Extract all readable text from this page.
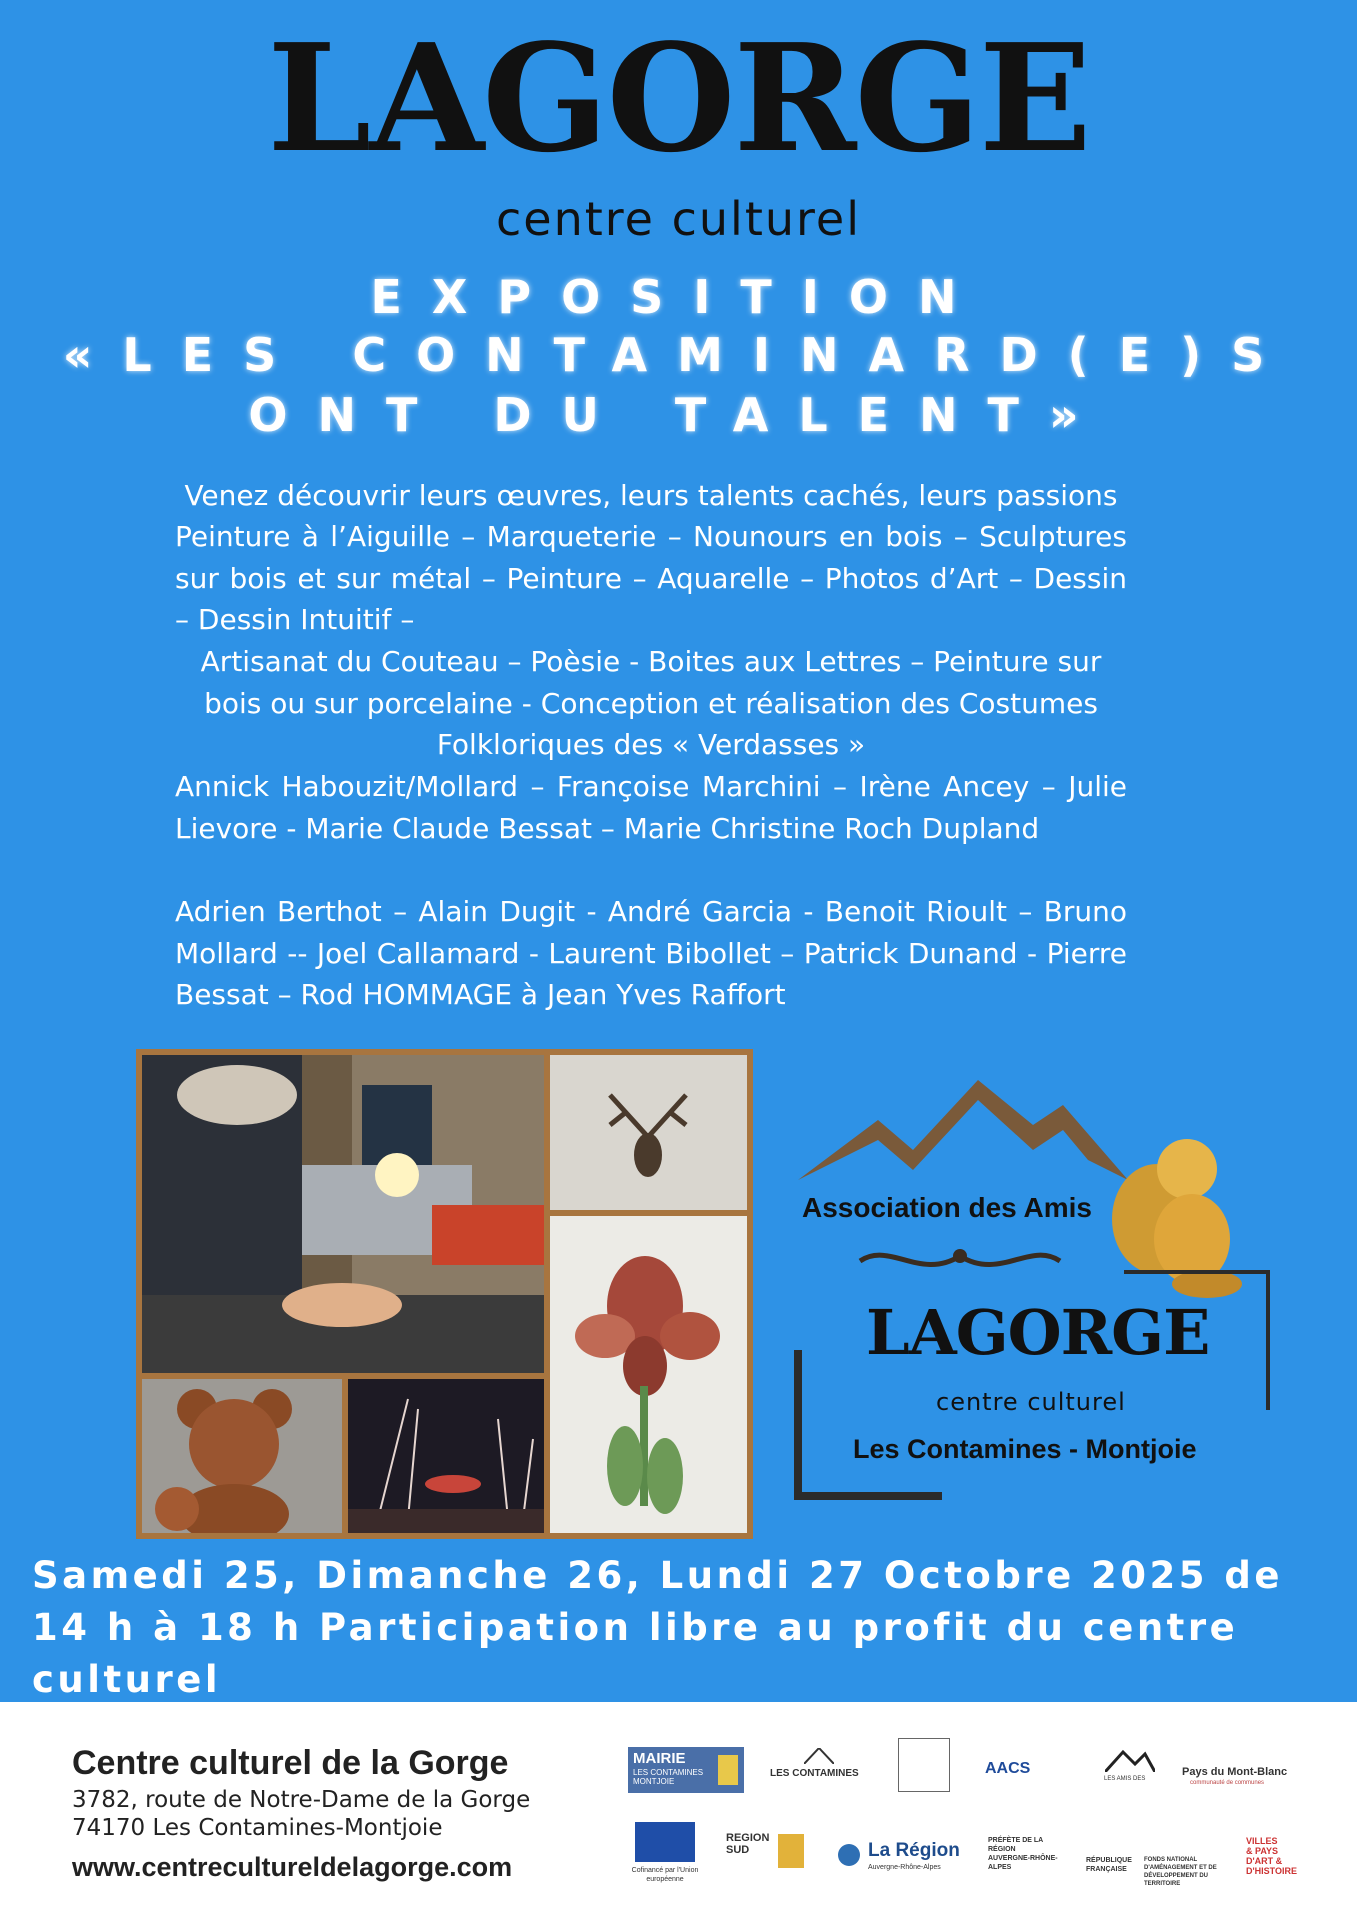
LAGORGE
centre culturel
EXPOSITION
«LES CONTAMINARD(E)S
ONT DU TALENT»
Venez découvrir leurs œuvres, leurs talents cachés, leurs passions
Peinture à l’Aiguille – Marqueterie – Nounours en bois – Sculptures sur bois et sur métal – Peinture – Aquarelle – Photos d’Art – Dessin – Dessin Intuitif –
Artisanat du Couteau – Poèsie - Boites aux Lettres – Peinture sur bois ou sur porcelaine - Conception et réalisation des Costumes Folkloriques des « Verdasses »
Annick Habouzit/Mollard – Françoise Marchini – Irène Ancey – Julie Lievore - Marie Claude Bessat – Marie Christine Roch Dupland
Adrien Berthot – Alain Dugit - André Garcia - Benoit Rioult – Bruno Mollard -- Joel Callamard - Laurent Bibollet – Patrick Dunand - Pierre Bessat – Rod HOMMAGE à Jean Yves Raffort
Association des Amis
LAGORGE
centre culturel
Les Contamines - Montjoie
Samedi 25, Dimanche 26, Lundi 27 Octobre 2025 de 14 h à 18 h Participation libre au profit du centre culturel
Centre culturel de la Gorge
3782, route de Notre-Dame de la Gorge
74170 Les Contamines-Montjoie
www.centrecultureldelagorge.com
MAIRIE
LES CONTAMINES MONTJOIE
LES CONTAMINES	AACS
LES AMIS DES
Pays du Mont-Blanc
communauté de communes
Cofinancé par l'Union européenne
REGION SUD	La Région
Auvergne-Rhône-Alpes
PRÉFÈTE DE LA RÉGION AUVERGNE-RHÔNE-ALPES
RÉPUBLIQUE FRANÇAISE
FONDS NATIONAL D'AMÉNAGEMENT ET DE DÉVELOPPEMENT DU TERRITOIRE
VILLES & PAYS D'ART & D'HISTOIRE
